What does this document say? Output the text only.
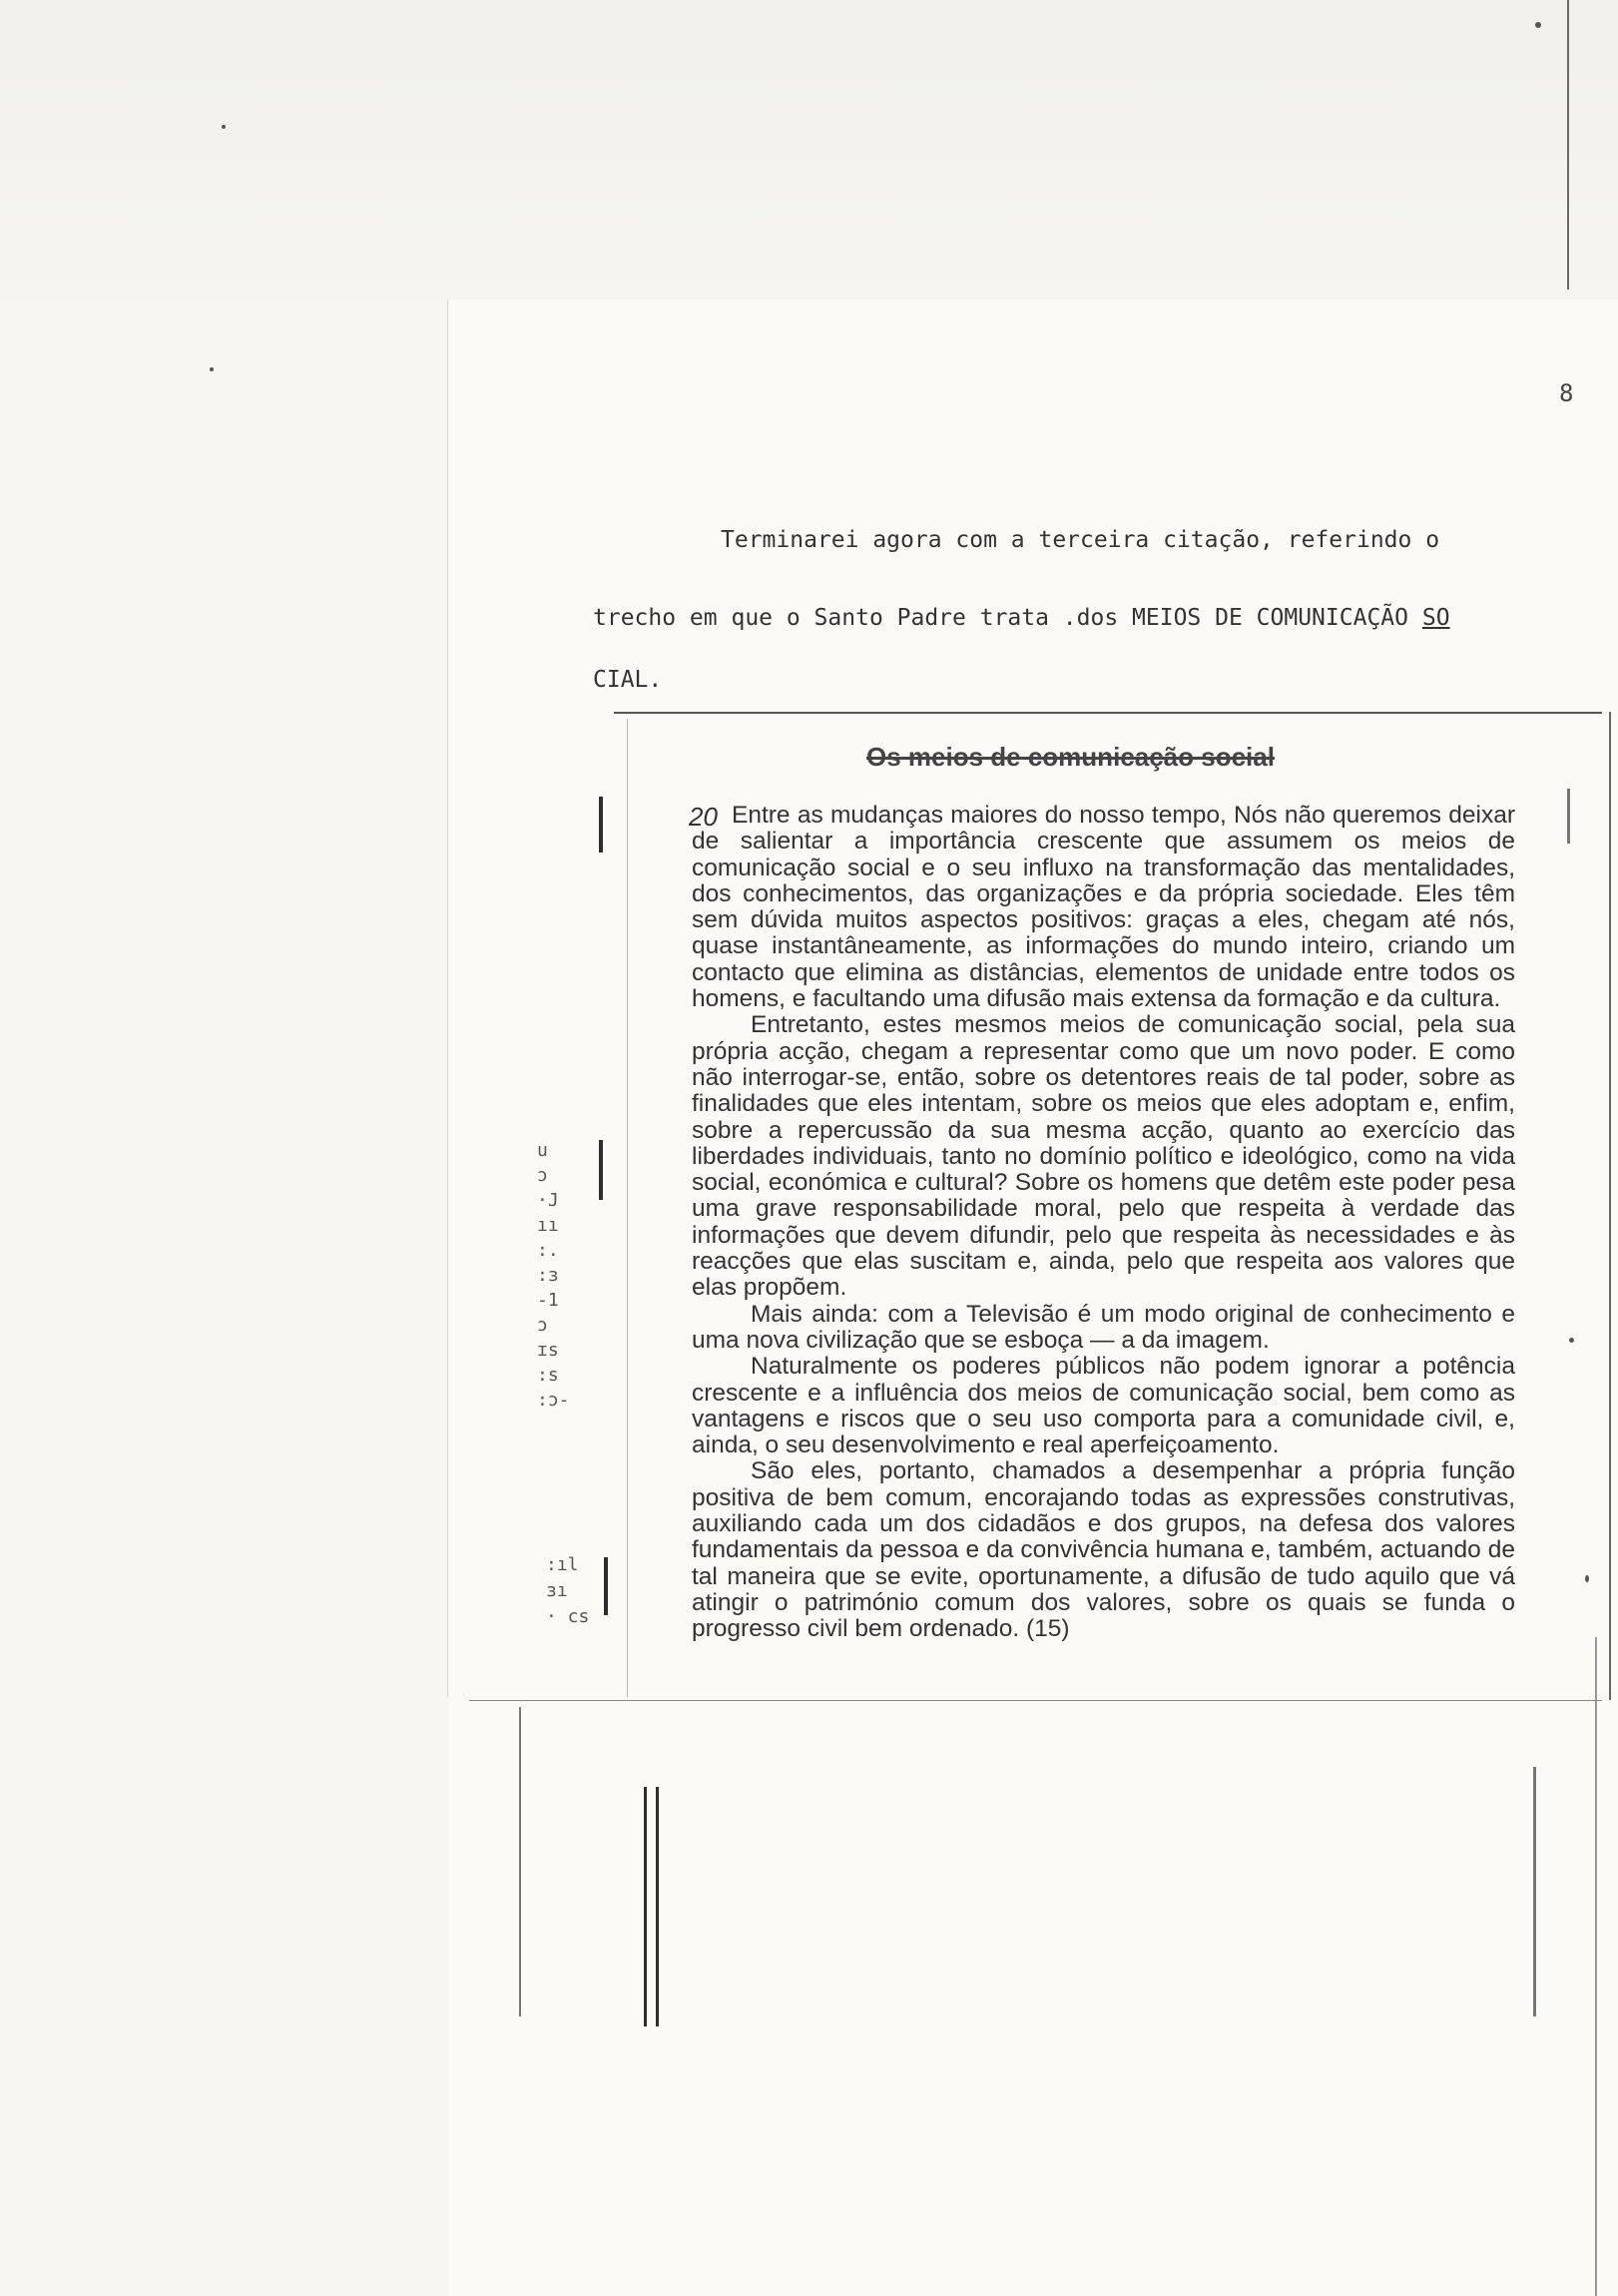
8
Terminarei agora com a terceira citação, referindo o
trecho em que o Santo Padre trata .dos MEIOS DE COMUNICAÇÃO SO
CIAL.
Os meios de comunicação social
20 Entre as mudanças maiores do nosso tempo, Nós não queremos deixar de salientar a importância crescente que assumem os meios de comunicação social e o seu influxo na transformação das mentalidades, dos conhecimentos, das organizações e da própria sociedade. Eles têm sem dúvida muitos aspectos positivos: graças a eles, chegam até nós, quase instantâneamente, as informações do mundo inteiro, criando um contacto que elimina as distâncias, elementos de unidade entre todos os homens, e facultando uma difusão mais extensa da formação e da cultura.

Entretanto, estes mesmos meios de comunicação social, pela sua própria acção, chegam a representar como que um novo poder. E como não interrogar-se, então, sobre os detentores reais de tal poder, sobre as finalidades que eles intentam, sobre os meios que eles adoptam e, enfim, sobre a repercussão da sua mesma acção, quanto ao exercício das liberdades individuais, tanto no domínio político e ideológico, como na vida social, económica e cultural? Sobre os homens que detêm este poder pesa uma grave responsabilidade moral, pelo que respeita à verdade das informações que devem difundir, pelo que respeita às necessidades e às reacções que elas suscitam e, ainda, pelo que respeita aos valores que elas propõem.

Mais ainda: com a Televisão é um modo original de conhecimento e uma nova civilização que se esboça — a da imagem.

Naturalmente os poderes públicos não podem ignorar a potência crescente e a influência dos meios de comunicação social, bem como as vantagens e riscos que o seu uso comporta para a comunidade civil, e, ainda, o seu desenvolvimento e real aperfeiçoamento.

São eles, portanto, chamados a desempenhar a própria função positiva de bem comum, encorajando todas as expressões construtivas, auxiliando cada um dos cidadãos e dos grupos, na defesa dos valores fundamentais da pessoa e da convivência humana e, também, actuando de tal maneira que se evite, oportunamente, a difusão de tudo aquilo que vá atingir o património comum dos valores, sobre os quais se funda o progresso civil bem ordenado. (15)

u
ɔ
·J
ıı
:.
:ɜ
-1
ɔ
ɪs
:s
:ɔ-
:ıl
ɜı
· cs
